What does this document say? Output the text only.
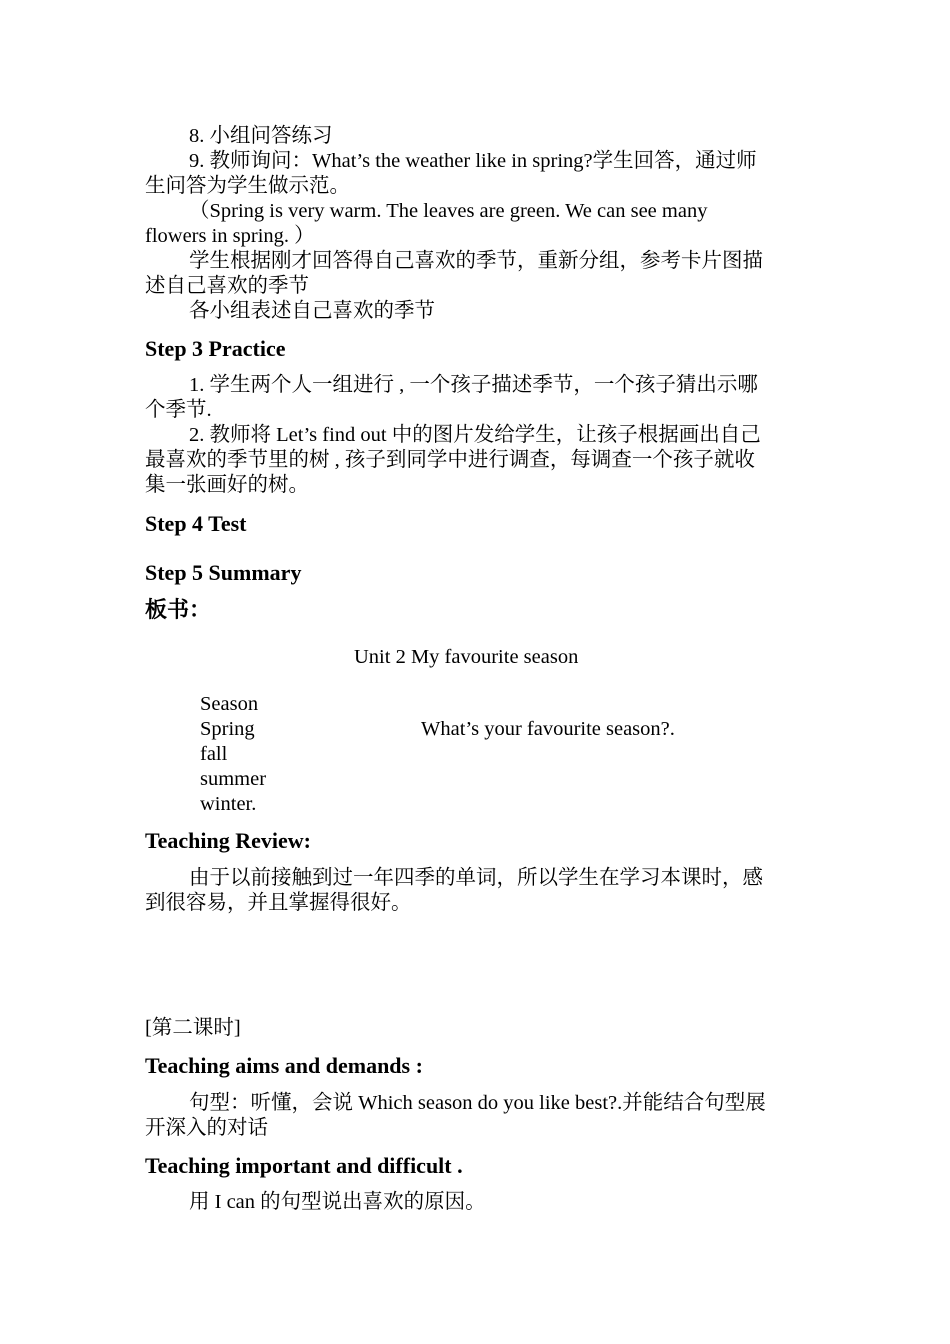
8. 小组问答练习
9. 教师询问：What’s the weather like in spring?学生回答，通过师
生问答为学生做示范。
（Spring is very warm. The leaves are green. We can see many
flowers in spring. ）
学生根据刚才回答得自己喜欢的季节，重新分组，参考卡片图描
述自己喜欢的季节
各小组表述自己喜欢的季节
Step 3 Practice
1. 学生两个人一组进行 , 一个孩子描述季节，一个孩子猜出示哪
个季节.
2. 教师将 Let’s find out 中的图片发给学生，让孩子根据画出自己
最喜欢的季节里的树 , 孩子到同学中进行调查，每调查一个孩子就收
集一张画好的树。
Step 4 Test
Step 5 Summary
板书：
Unit 2 My favourite season
Season
Spring
fall
summer
winter.
What’s your favourite season?.
Teaching Review:
由于以前接触到过一年四季的单词，所以学生在学习本课时，感
到很容易，并且掌握得很好。
[第二课时]
Teaching aims and demands :
句型：听懂，会说 Which season do you like best?.并能结合句型展
开深入的对话
Teaching important and difficult .
用 I can 的句型说出喜欢的原因。
